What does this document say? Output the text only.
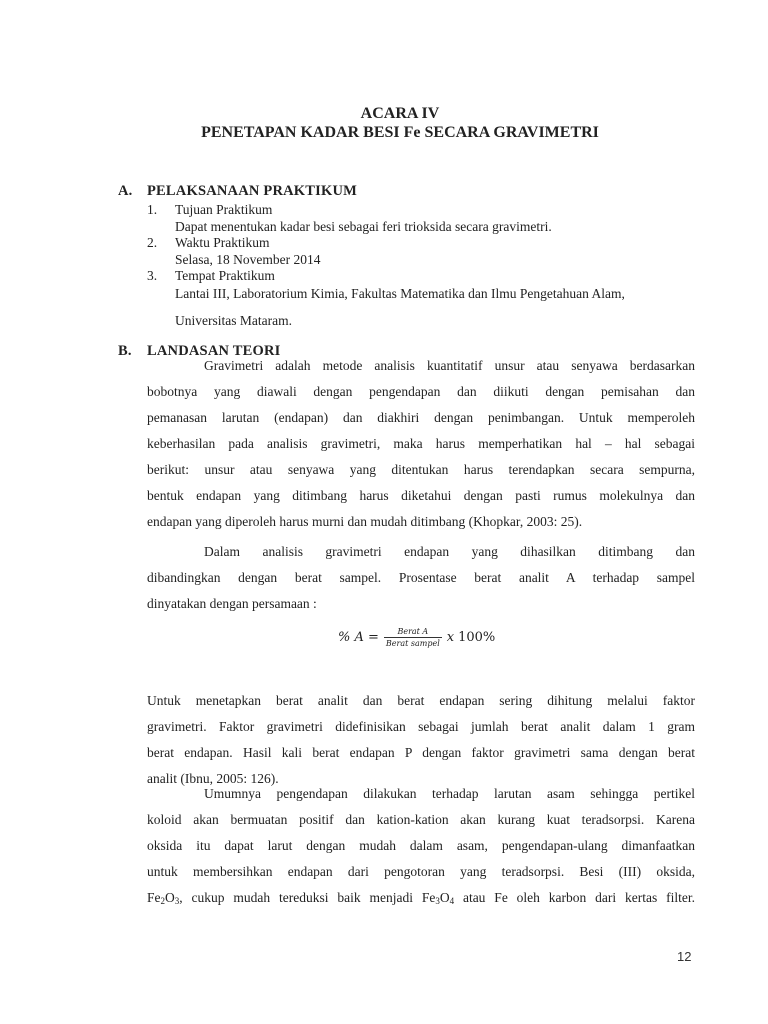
ACARA IV
PENETAPAN KADAR BESI Fe SECARA GRAVIMETRI
A. PELAKSANAAN PRAKTIKUM
1. Tujuan Praktikum
Dapat menentukan kadar besi sebagai feri trioksida secara gravimetri.
2. Waktu Praktikum
Selasa, 18 November 2014
3. Tempat Praktikum
Lantai III, Laboratorium Kimia, Fakultas Matematika dan Ilmu Pengetahuan Alam,
Universitas Mataram.
B. LANDASAN TEORI
Gravimetri adalah metode analisis kuantitatif unsur atau senyawa berdasarkan
bobotnya yang diawali dengan pengendapan dan diikuti dengan pemisahan dan
pemanasan larutan (endapan) dan diakhiri dengan penimbangan. Untuk memperoleh
keberhasilan pada analisis gravimetri, maka harus memperhatikan hal – hal sebagai
berikut: unsur atau senyawa yang ditentukan harus terendapkan secara sempurna,
bentuk endapan yang ditimbang harus diketahui dengan pasti rumus molekulnya dan
endapan yang diperoleh harus murni dan mudah ditimbang (Khopkar, 2003: 25).
Dalam analisis gravimetri endapan yang dihasilkan ditimbang dan
dibandingkan dengan berat sampel. Prosentase berat analit A terhadap sampel
dinyatakan dengan persamaan :
% $A = \frac{\text{Berat A}}{\text{Berat sampel}}$ x 100%
Untuk menetapkan berat analit dan berat endapan sering dihitung melalui faktor
gravimetri. Faktor gravimetri didefinisikan sebagai jumlah berat analit dalam 1 gram
berat endapan. Hasil kali berat endapan P dengan faktor gravimetri sama dengan berat
analit (Ibnu, 2005: 126).
Umumnya pengendapan dilakukan terhadap larutan asam sehingga pertikel
koloid akan bermuatan positif dan kation-kation akan kurang kuat teradsorpsi. Karena
oksida itu dapat larut dengan mudah dalam asam, pengendapan-ulang dimanfaatkan
untuk membersihkan endapan dari pengotoran yang teradsorpsi. Besi (III) oksida,
$Fe_2O_3$, cukup mudah tereduksi baik menjadi $Fe_3O_4$ atau Fe oleh karbon dari kertas filter.
12
